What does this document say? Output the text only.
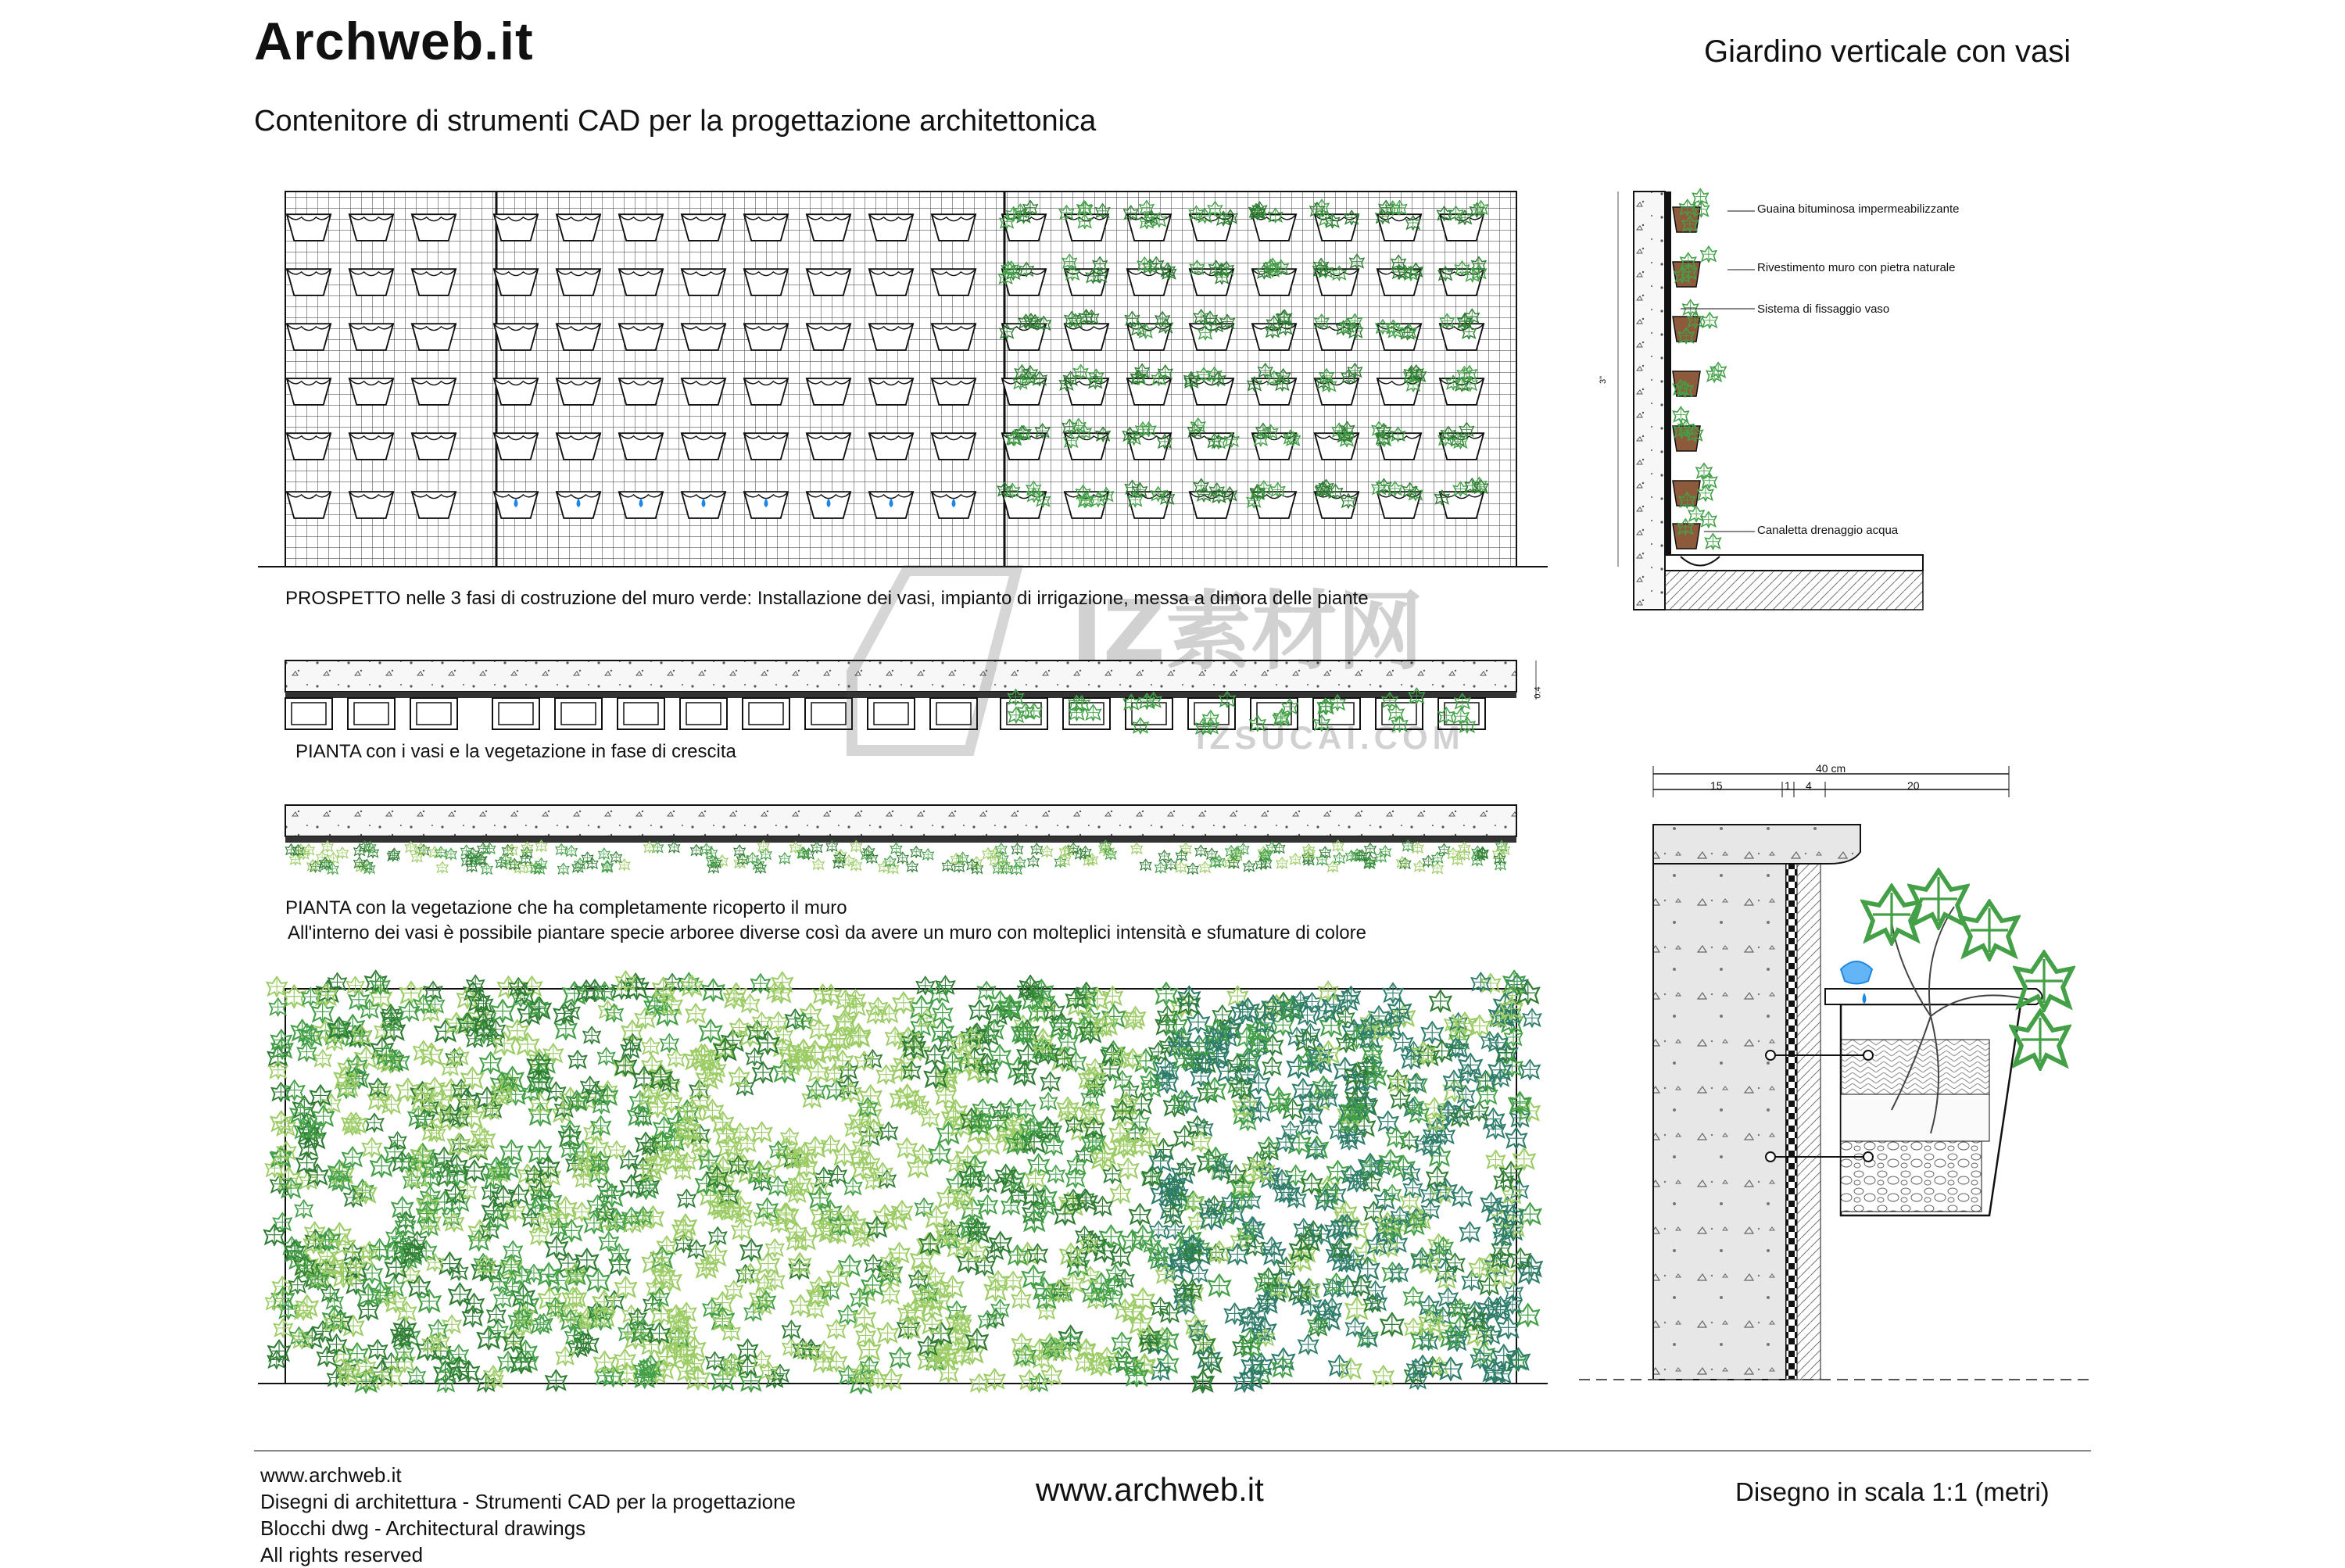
Archweb.it	Giardino verticale con vasi
Contenitore di strumenti CAD per la progettazione architettonica
IZ素材网
IZSUCAI.COM
PROSPETTO nelle 3 fasi di costruzione del muro verde: Installazione dei vasi, impianto di irrigazione, messa a dimora delle piante
PIANTA con i vasi e la vegetazione in fase di crescita
PIANTA con la vegetazione che ha completamente ricoperto il muro
All'interno dei vasi è possibile piantare specie arboree diverse così da avere un muro con molteplici intensità e sfumature di colore
Guaina bituminosa impermeabilizzante
Rivestimento muro con pietra naturale
Sistema di fissaggio vaso
Canaletta drenaggio acqua
3"
0.4
40 cm
15	1 4	20
www.archweb.it
Disegni di architettura - Strumenti CAD per la progettazione
Blocchi dwg - Architectural drawings
All rights reserved
www.archweb.it	Disegno in scala 1:1 (metri)
